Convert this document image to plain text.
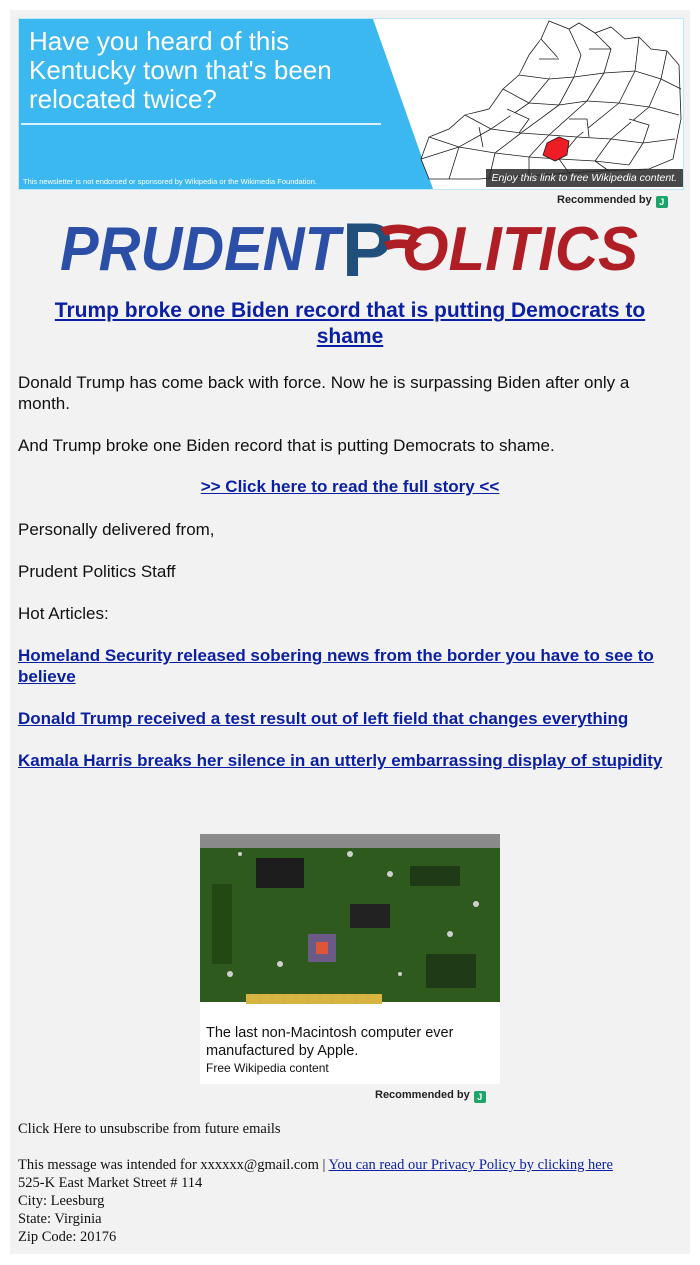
Have you heard of this Kentucky town that's been relocated twice?
This newsletter is not endorsed or sponsored by Wikipedia or the Wikimedia Foundation.	Enjoy this link to free Wikipedia content.
Recommended by J
PRUDENT
P OLITICS
Trump broke one Biden record that is putting Democrats to shame
Donald Trump has come back with force. Now he is surpassing Biden after only a month.
And Trump broke one Biden record that is putting Democrats to shame.
>> Click here to read the full story <<
Personally delivered from,
Prudent Politics Staff
Hot Articles:
Homeland Security released sobering news from the border you have to see to believe
Donald Trump received a test result out of left field that changes everything
Kamala Harris breaks her silence in an utterly embarrassing display of stupidity
The last non-Macintosh computer ever manufactured by Apple.
Free Wikipedia content
Recommended by J
Click Here to unsubscribe from future emails
This message was intended for xxxxxx@gmail.com | You can read our Privacy Policy by clicking here
525-K East Market Street # 114
City: Leesburg
State: Virginia
Zip Code: 20176
